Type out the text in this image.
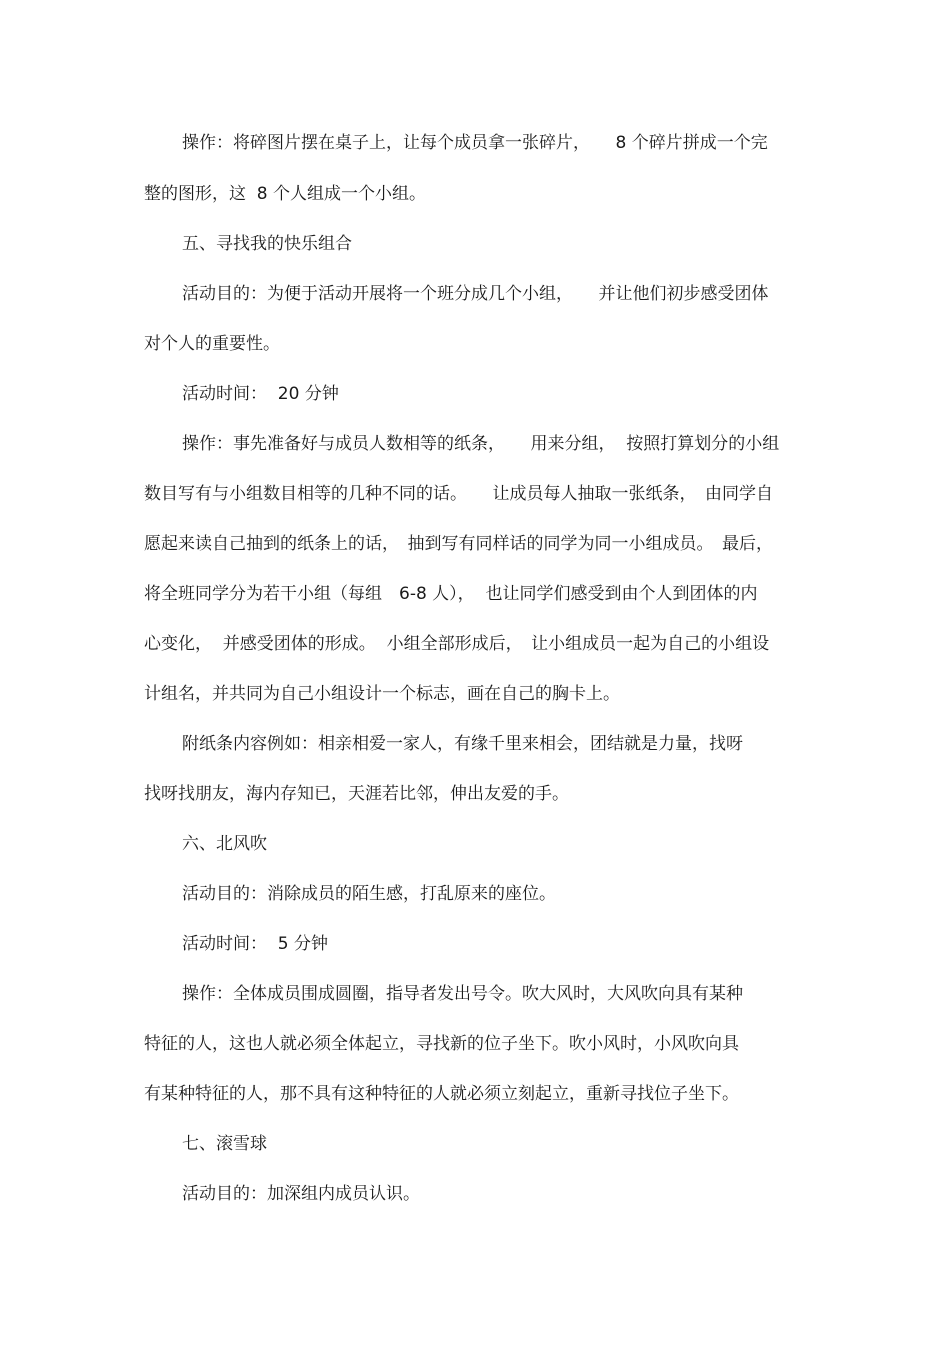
操作：将碎图片摆在桌子上，让每个成员拿一张碎片，　　8 个碎片拼成一个完
整的图形，这  8 个人组成一个小组。
五、寻找我的快乐组合
活动目的：为便于活动开展将一个班分成几个小组，　　并让他们初步感受团体
对个人的重要性。
活动时间：  20 分钟
操作：事先准备好与成员人数相等的纸条，　　用来分组，  按照打算划分的小组
数目写有与小组数目相等的几种不同的话。　　让成员每人抽取一张纸条，　由同学自
愿起来读自己抽到的纸条上的话，　抽到写有同样话的同学为同一小组成员。　最后，
将全班同学分为若干小组（每组　6-8 人），  也让同学们感受到由个人到团体的内
心变化，  并感受团体的形成。  小组全部形成后，　让小组成员一起为自己的小组设
计组名，并共同为自己小组设计一个标志，画在自己的胸卡上。
附纸条内容例如：相亲相爱一家人，有缘千里来相会，团结就是力量，找呀
找呀找朋友，海内存知已，天涯若比邻，伸出友爱的手。
六、北风吹
活动目的：消除成员的陌生感，打乱原来的座位。
活动时间：  5 分钟
操作：全体成员围成圆圈，指导者发出号令。吹大风时，大风吹向具有某种
特征的人，这也人就必须全体起立，寻找新的位子坐下。吹小风时，小风吹向具
有某种特征的人，那不具有这种特征的人就必须立刻起立，重新寻找位子坐下。
七、滚雪球
活动目的：加深组内成员认识。
